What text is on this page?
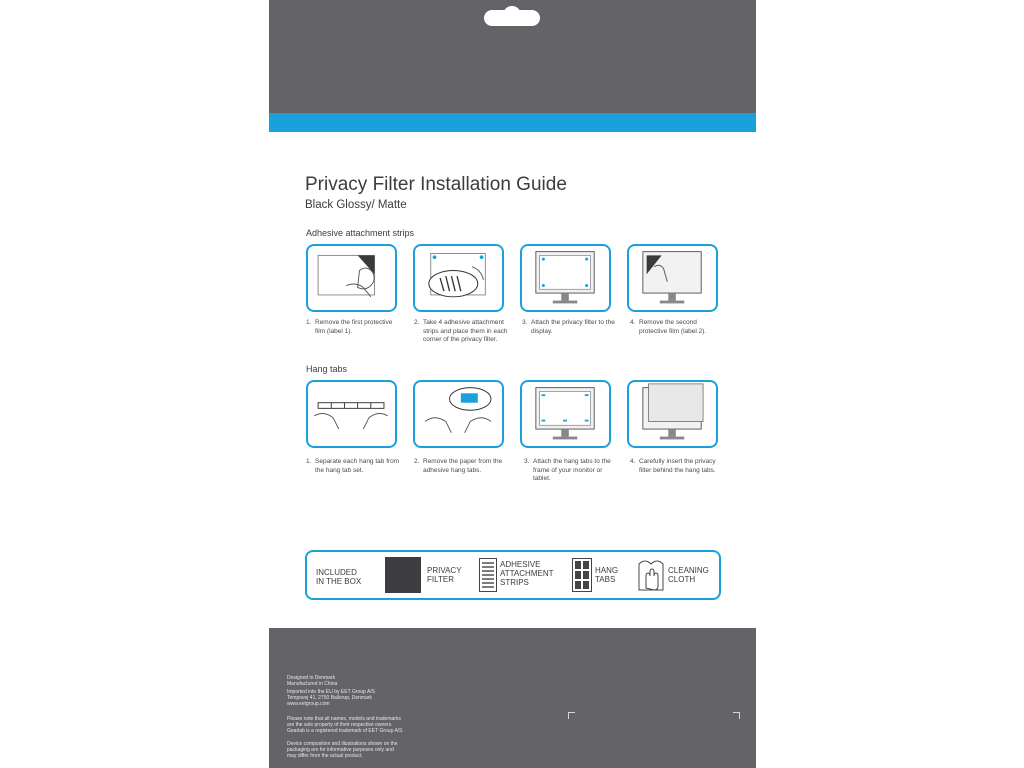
Privacy Filter Installation Guide
Black Glossy/ Matte
Adhesive attachment strips
1. Remove the first protective film (label 1).
2. Take 4 adhesive attachment strips and place them in each corner of the privacy filter.
3. Attach the privacy filter to the display.
4. Remove the second protective film (label 2).
Hang tabs
1. Separate each hang tab from the hang tab set.
2. Remove the paper from the adhesive hang tabs.
3. Attach the hang tabs to the frame of your monitor or tablet.
4. Carefully insert the privacy filter behind the hang tabs.
INCLUDED
IN THE BOX
PRIVACY
FILTER
ADHESIVE
ATTACHMENT
STRIPS
HANG
TABS
CLEANING
CLOTH
Designed in Denmark
Manufactured in China
Imported into the EU by EET Group A/S
Tempovej 41, 2750 Ballerup, Denmark
www.eetgroup.com
Please note that all names, models and trademarks
are the sole property of their respective owners.
Gearlab is a registered trademark of EET Group A/S
Device composition and illustrations shown on the
packaging are for informative purposes only and
may differ from the actual product.
